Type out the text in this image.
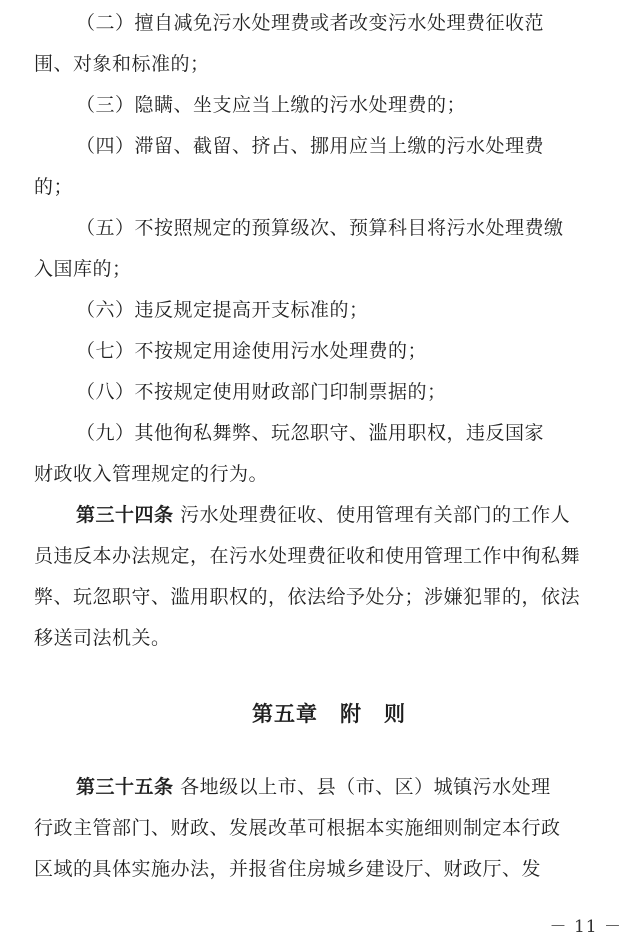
（二）擅自减免污水处理费或者改变污水处理费征收范
围、对象和标准的；
（三）隐瞒、坐支应当上缴的污水处理费的；
（四）滞留、截留、挤占、挪用应当上缴的污水处理费
的；
（五）不按照规定的预算级次、预算科目将污水处理费缴
入国库的；
（六）违反规定提高开支标准的；
（七）不按规定用途使用污水处理费的；
（八）不按规定使用财政部门印制票据的；
（九）其他徇私舞弊、玩忽职守、滥用职权，违反国家
财政收入管理规定的行为。
第三十四条 污水处理费征收、使用管理有关部门的工作人
员违反本办法规定，在污水处理费征收和使用管理工作中徇私舞
弊、玩忽职守、滥用职权的，依法给予处分；涉嫌犯罪的，依法
移送司法机关。
第五章　附　则
第三十五条 各地级以上市、县（市、区）城镇污水处理
行政主管部门、财政、发展改革可根据本实施细则制定本行政
区域的具体实施办法，并报省住房城乡建设厅、财政厅、发
－ 11 －
